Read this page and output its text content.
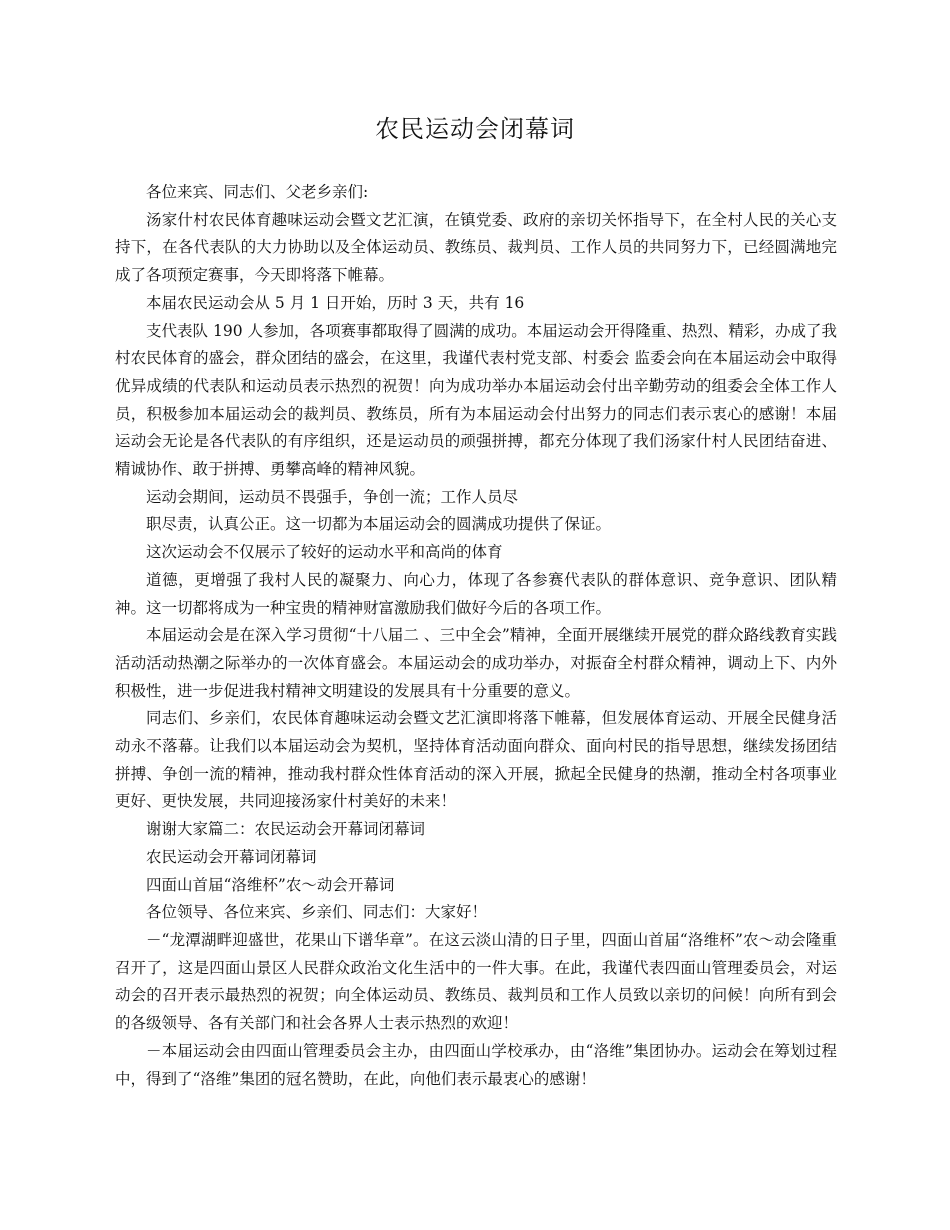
农民运动会闭幕词

各位来宾、同志们、父老乡亲们:

汤家什村农民体育趣味运动会暨文艺汇演，在镇党委、政府的亲切关怀指导下，在全村人民的关心支持下，在各代表队的大力协助以及全体运动员、教练员、裁判员、工作人员的共同努力下，已经圆满地完成了各项预定赛事，今天即将落下帷幕。

本届农民运动会从 5 月 1 日开始，历时 3 天，共有 16

支代表队 190 人参加，各项赛事都取得了圆满的成功。本届运动会开得隆重、热烈、精彩，办成了我村农民体育的盛会，群众团结的盛会，在这里，我谨代表村党支部、村委会 监委会向在本届运动会中取得优异成绩的代表队和运动员表示热烈的祝贺！向为成功举办本届运动会付出辛勤劳动的组委会全体工作人员，积极参加本届运动会的裁判员、教练员，所有为本届运动会付出努力的同志们表示衷心的感谢！本届运动会无论是各代表队的有序组织，还是运动员的顽强拼搏，都充分体现了我们汤家什村人民团结奋进、精诚协作、敢于拼搏、勇攀高峰的精神风貌。

运动会期间，运动员不畏强手，争创一流；工作人员尽

职尽责，认真公正。这一切都为本届运动会的圆满成功提供了保证。

这次运动会不仅展示了较好的运动水平和高尚的体育

道德，更增强了我村人民的凝聚力、向心力，体现了各参赛代表队的群体意识、竞争意识、团队精神。这一切都将成为一种宝贵的精神财富激励我们做好今后的各项工作。

本届运动会是在深入学习贯彻“十八届二 、三中全会”精神，全面开展继续开展党的群众路线教育实践活动活动热潮之际举办的一次体育盛会。本届运动会的成功举办，对振奋全村群众精神，调动上下、内外积极性，进一步促进我村精神文明建设的发展具有十分重要的意义。

同志们、乡亲们，农民体育趣味运动会暨文艺汇演即将落下帷幕，但发展体育运动、开展全民健身活动永不落幕。让我们以本届运动会为契机，坚持体育活动面向群众、面向村民的指导思想，继续发扬团结拼搏、争创一流的精神，推动我村群众性体育活动的深入开展，掀起全民健身的热潮，推动全村各项事业更好、更快发展，共同迎接汤家什村美好的未来！

谢谢大家篇二：农民运动会开幕词闭幕词

农民运动会开幕词闭幕词

四面山首届“洛维杯”农～动会开幕词

各位领导、各位来宾、乡亲们、同志们：大家好！

－“龙潭湖畔迎盛世，花果山下谱华章”。在这云淡山清的日子里，四面山首届“洛维杯”农～动会隆重召开了，这是四面山景区人民群众政治文化生活中的一件大事。在此，我谨代表四面山管理委员会，对运动会的召开表示最热烈的祝贺；向全体运动员、教练员、裁判员和工作人员致以亲切的问候！向所有到会的各级领导、各有关部门和社会各界人士表示热烈的欢迎！

－本届运动会由四面山管理委员会主办，由四面山学校承办，由“洛维”集团协办。运动会在筹划过程中，得到了“洛维”集团的冠名赞助，在此，向他们表示最衷心的感谢！
